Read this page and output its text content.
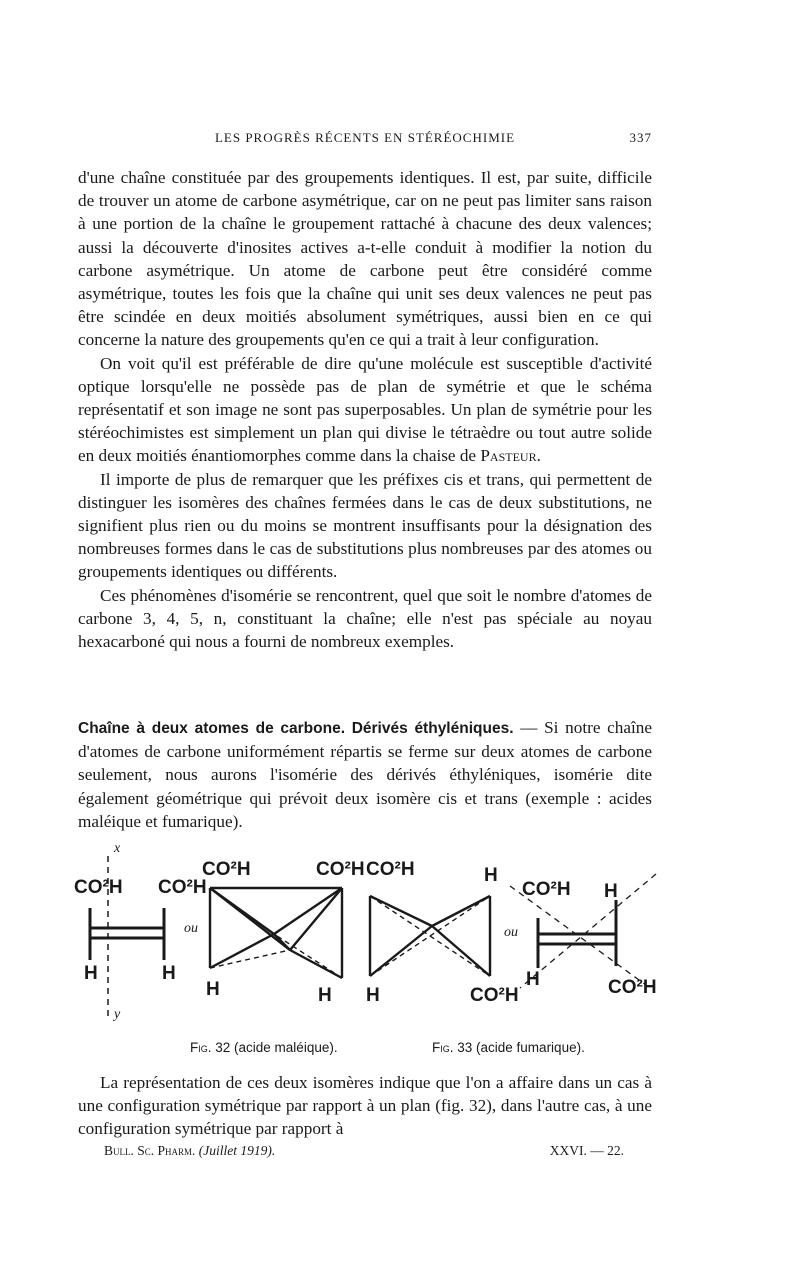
LES PROGRÈS RÉCENTS EN STÉRÉOCHIMIE	337

d'une chaîne constituée par des groupements identiques. Il est, par suite, difficile de trouver un atome de carbone asymétrique, car on ne peut pas limiter sans raison à une portion de la chaîne le groupement rattaché à chacune des deux valences; aussi la découverte d'inosites actives a-t-elle conduit à modifier la notion du carbone asymétrique. Un atome de carbone peut être considéré comme asymétrique, toutes les fois que la chaîne qui unit ses deux valences ne peut pas être scindée en deux moitiés absolument symétriques, aussi bien en ce qui concerne la nature des groupements qu'en ce qui a trait à leur configuration.

On voit qu'il est préférable de dire qu'une molécule est susceptible d'activité optique lorsqu'elle ne possède pas de plan de symétrie et que le schéma représentatif et son image ne sont pas superposables. Un plan de symétrie pour les stéréochimistes est simplement un plan qui divise le tétraèdre ou tout autre solide en deux moitiés énantiomorphes comme dans la chaise de Pasteur.

Il importe de plus de remarquer que les préfixes cis et trans, qui permettent de distinguer les isomères des chaînes fermées dans le cas de deux substitutions, ne signifient plus rien ou du moins se montrent insuffisants pour la désignation des nombreuses formes dans le cas de substitutions plus nombreuses par des atomes ou groupements identiques ou différents.

Ces phénomènes d'isomérie se rencontrent, quel que soit le nombre d'atomes de carbone 3, 4, 5, n, constituant la chaîne; elle n'est pas spéciale au noyau hexacarboné qui nous a fourni de nombreux exemples.

Chaîne à deux atomes de carbone. Dérivés éthyléniques. — Si notre chaîne d'atomes de carbone uniformément répartis se ferme sur deux atomes de carbone seulement, nous aurons l'isomérie des dérivés éthyléniques, isomérie dite également géométrique qui prévoit deux isomère cis et trans (exemple : acides maléique et fumarique).

x
y
CO²H CO²H
H	H
ou
CO²H	CO²H
H	H
CO²H	H
H	CO²H
CO²H H
ou
H	CO²H
Fig. 32 (acide maléique).	Fig. 33 (acide fumarique).

La représentation de ces deux isomères indique que l'on a affaire dans un cas à une configuration symétrique par rapport à un plan (fig. 32), dans l'autre cas, à une configuration symétrique par rapport à

Bull. Sc. Pharm. (Juillet 1919).	XXVI. — 22.
